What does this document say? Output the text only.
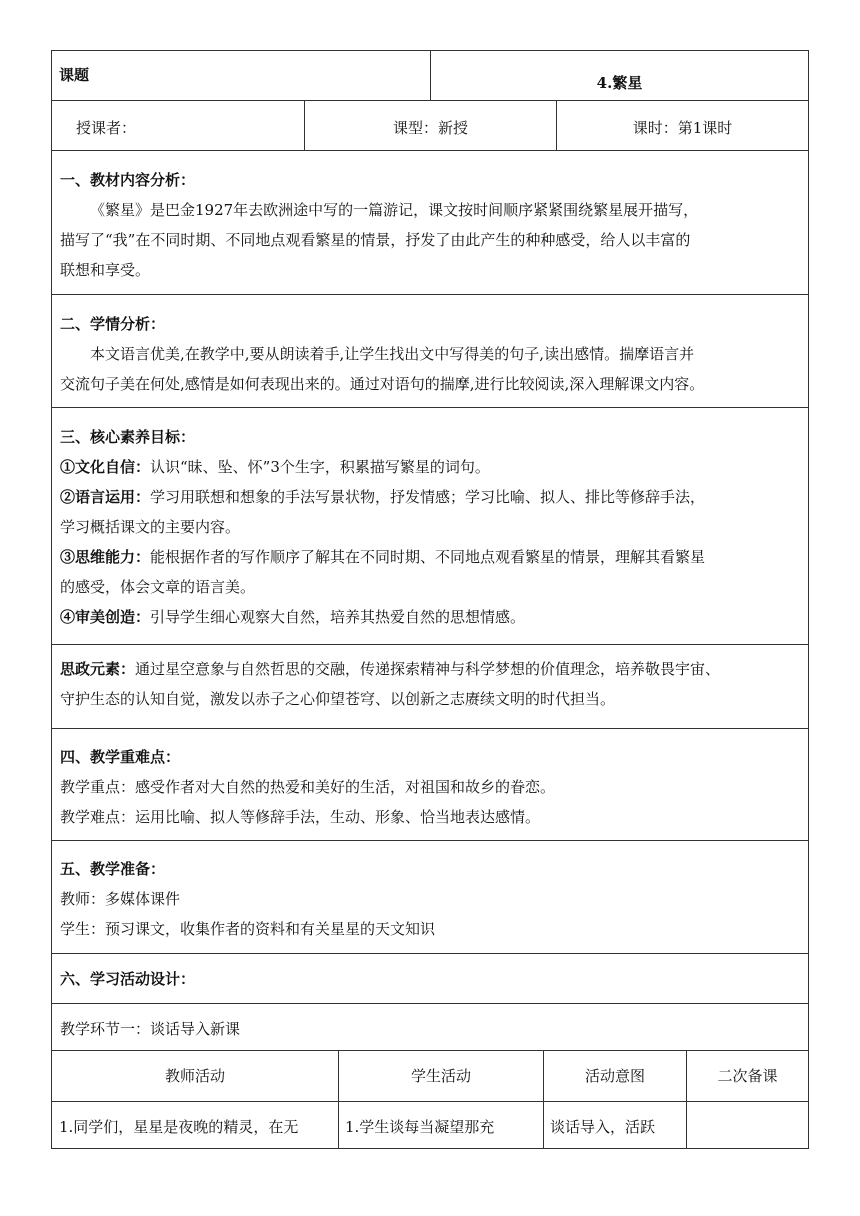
课题	4.繁星
授课者：	课型：新授	课时：第1课时
一、教材内容分析：
《繁星》是巴金1927年去欧洲途中写的一篇游记，课文按时间顺序紧紧围绕繁星展开描写，
描写了“我”在不同时期、不同地点观看繁星的情景，抒发了由此产生的种种感受，给人以丰富的
联想和享受。
二、学情分析：
本文语言优美,在教学中,要从朗读着手,让学生找出文中写得美的句子,读出感情。揣摩语言并
交流句子美在何处,感情是如何表现出来的。通过对语句的揣摩,进行比较阅读,深入理解课文内容。
三、核心素养目标：
①文化自信：认识“昧、坠、怀”3个生字，积累描写繁星的词句。
②语言运用：学习用联想和想象的手法写景状物，抒发情感；学习比喻、拟人、排比等修辞手法，
学习概括课文的主要内容。
③思维能力：能根据作者的写作顺序了解其在不同时期、不同地点观看繁星的情景，理解其看繁星
的感受，体会文章的语言美。
④审美创造：引导学生细心观察大自然，培养其热爱自然的思想情感。
思政元素：通过星空意象与自然哲思的交融，传递探索精神与科学梦想的价值理念，培养敬畏宇宙、
守护生态的认知自觉，激发以赤子之心仰望苍穹、以创新之志赓续文明的时代担当。
四、教学重难点：
教学重点：感受作者对大自然的热爱和美好的生活，对祖国和故乡的眷恋。
教学难点：运用比喻、拟人等修辞手法，生动、形象、恰当地表达感情。
五、教学准备：
教师：多媒体课件
学生：预习课文，收集作者的资料和有关星星的天文知识
六、学习活动设计：
教学环节一：谈话导入新课
教师活动	学生活动	活动意图	二次备课
1.同学们，星星是夜晚的精灵，在无	1.学生谈每当凝望那充	谈话导入，活跃
